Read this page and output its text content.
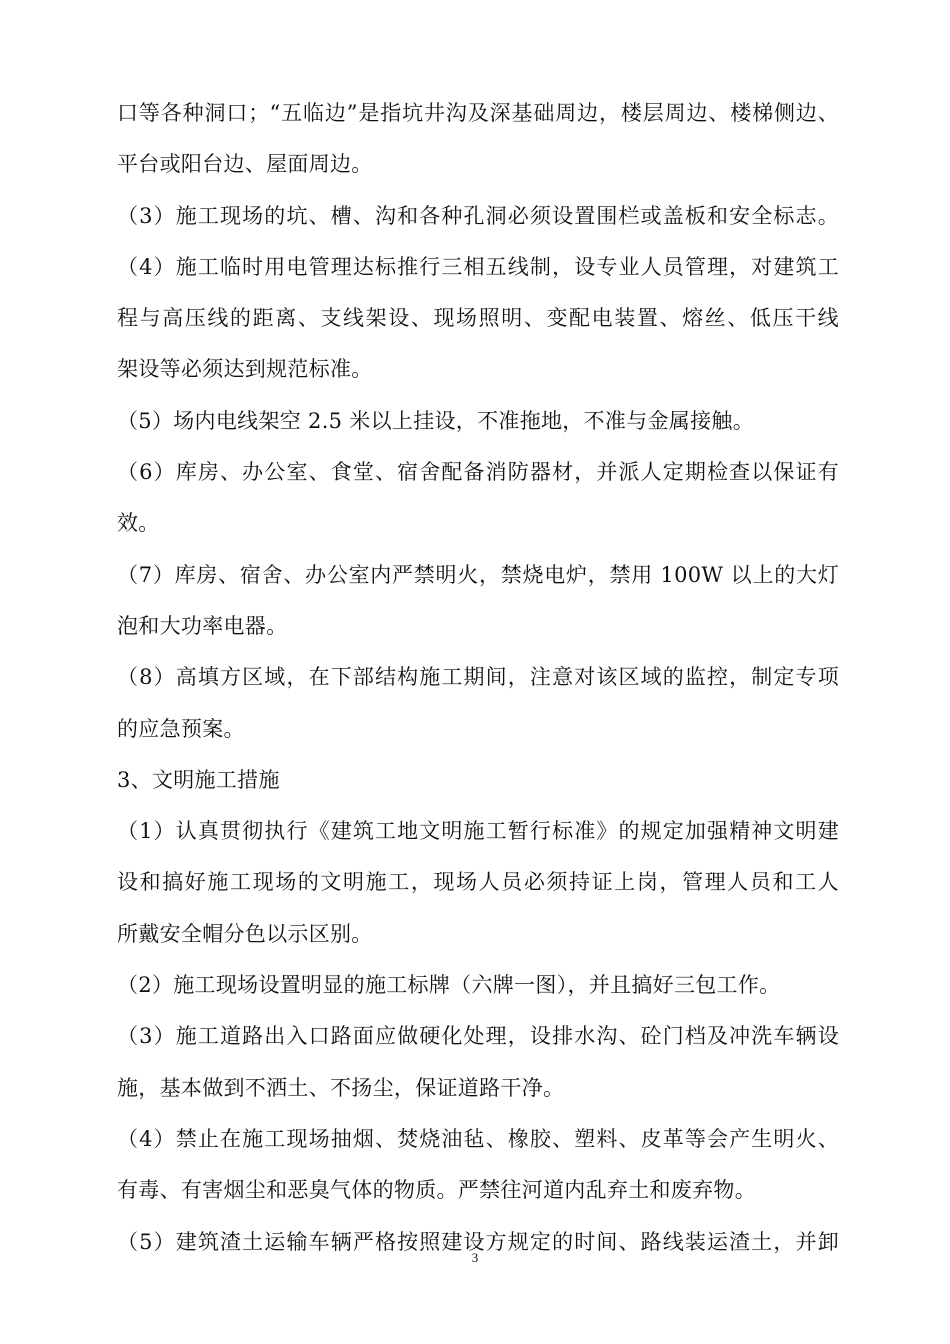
口等各种洞口；“五临边”是指坑井沟及深基础周边，楼层周边、楼梯侧边、
平台或阳台边、屋面周边。
（3）施工现场的坑、槽、沟和各种孔洞必须设置围栏或盖板和安全标志。
（4）施工临时用电管理达标推行三相五线制，设专业人员管理，对建筑工
程与高压线的距离、支线架设、现场照明、变配电装置、熔丝、低压干线
架设等必须达到规范标准。
（5）场内电线架空 2.5 米以上挂设，不准拖地，不准与金属接触。
（6）库房、办公室、食堂、宿舍配备消防器材，并派人定期检查以保证有
效。
（7）库房、宿舍、办公室内严禁明火，禁烧电炉，禁用 100W 以上的大灯
泡和大功率电器。
（8）高填方区域，在下部结构施工期间，注意对该区域的监控，制定专项
的应急预案。
3、文明施工措施
（1）认真贯彻执行《建筑工地文明施工暂行标准》的规定加强精神文明建
设和搞好施工现场的文明施工，现场人员必须持证上岗，管理人员和工人
所戴安全帽分色以示区别。
（2）施工现场设置明显的施工标牌（六牌一图），并且搞好三包工作。
（3）施工道路出入口路面应做硬化处理，设排水沟、砼门档及冲洗车辆设
施，基本做到不洒土、不扬尘，保证道路干净。
（4）禁止在施工现场抽烟、焚烧油毡、橡胶、塑料、皮革等会产生明火、
有毒、有害烟尘和恶臭气体的物质。严禁往河道内乱弃土和废弃物。
（5）建筑渣土运输车辆严格按照建设方规定的时间、路线装运渣土，并卸
3
